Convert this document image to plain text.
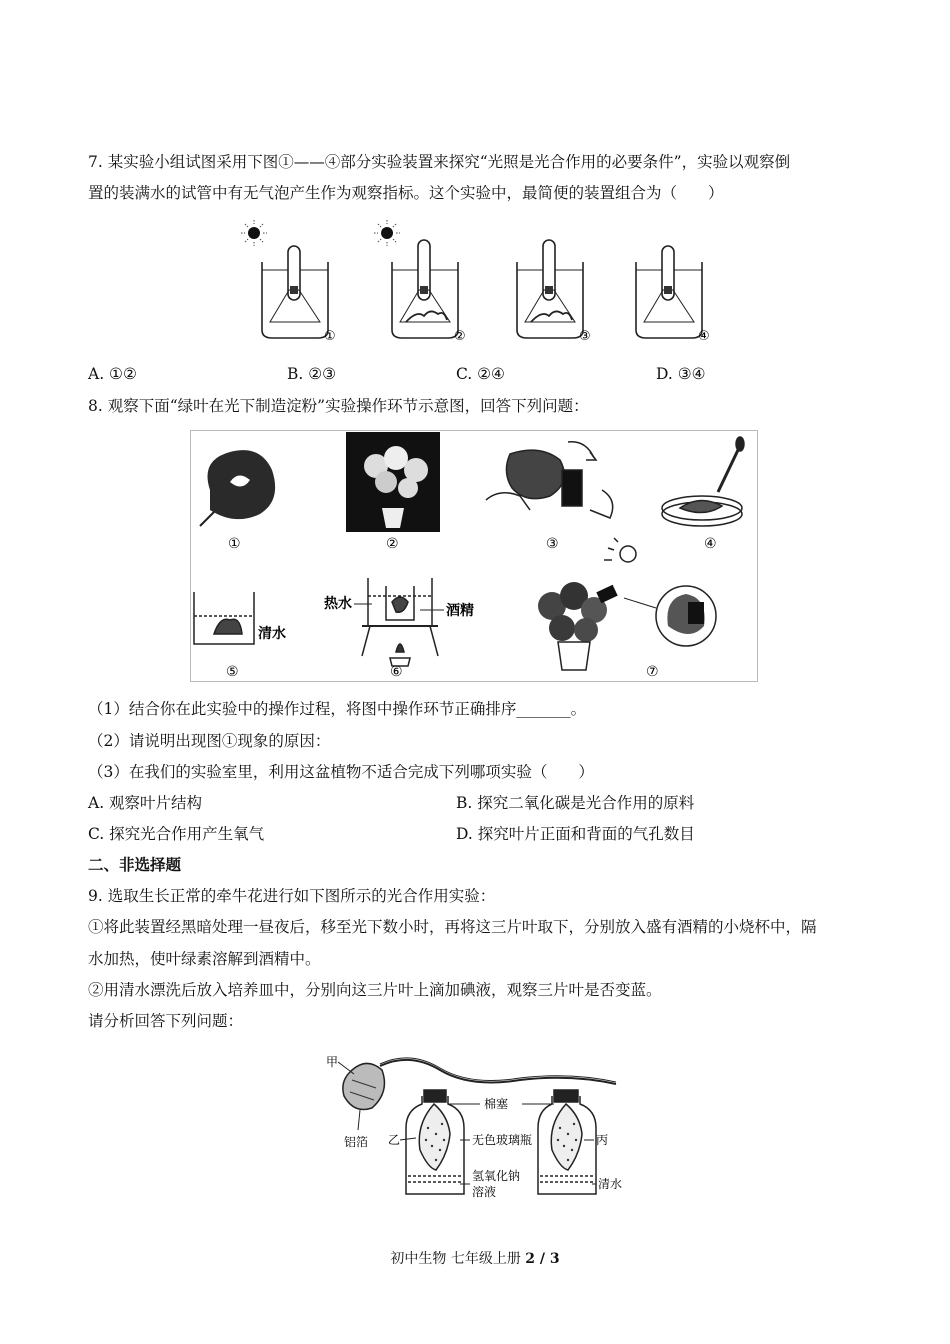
7. 某实验小组试图采用下图①——④部分实验装置来探究“光照是光合作用的必要条件”，实验以观察倒
置的装满水的试管中有无气泡产生作为观察指标。这个实验中，最简便的装置组合为（　　）
①	②	③	④
A. ①②	B. ②③	C. ②④	D. ③④
8. 观察下面“绿叶在光下制造淀粉”实验操作环节示意图，回答下列问题：
①	②	③	④
清水
⑤
热水	酒精
⑥	⑦
（1）结合你在此实验中的操作过程，将图中操作环节正确排序_______。
（2）请说明出现图①现象的原因：
（3）在我们的实验室里，利用这盆植物不适合完成下列哪项实验（　　）
A. 观察叶片结构	B. 探究二氧化碳是光合作用的原料
C. 探究光合作用产生氧气	D. 探究叶片正面和背面的气孔数目
二、非选择题
9. 选取生长正常的牵牛花进行如下图所示的光合作用实验：
①将此装置经黑暗处理一昼夜后，移至光下数小时，再将这三片叶取下，分别放入盛有酒精的小烧杯中，隔
水加热，使叶绿素溶解到酒精中。
②用清水漂洗后放入培养皿中，分别向这三片叶上滴加碘液，观察三片叶是否变蓝。
请分析回答下列问题：
甲
铝箔 乙
棉塞
无色玻璃瓶	丙
氢氧化钠
溶液
清水
初中生物 七年级上册 2 / 3
